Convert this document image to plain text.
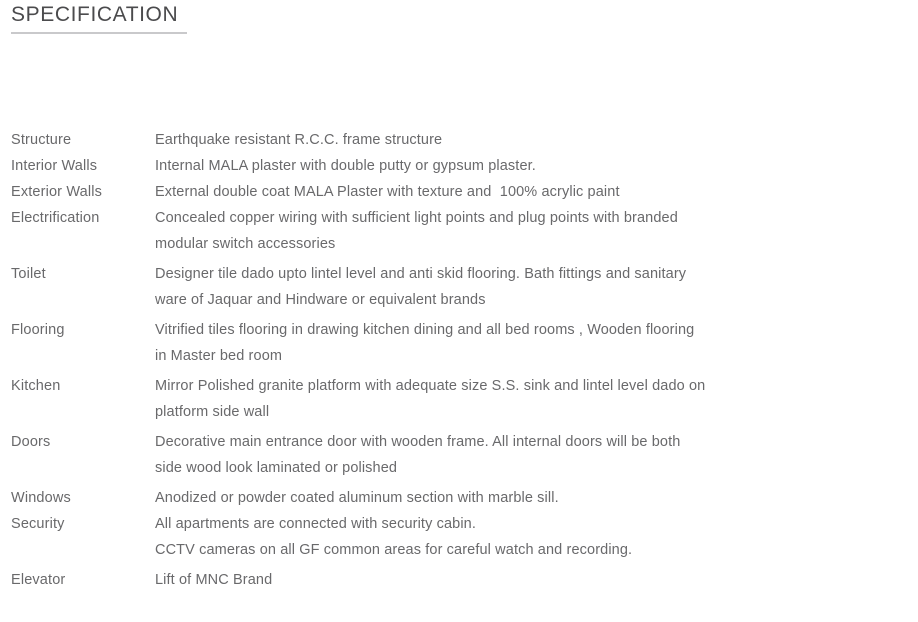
SPECIFICATION
Structure	Earthquake resistant R.C.C. frame structure
Interior Walls	Internal MALA plaster with double putty or gypsum plaster.
Exterior Walls	External double coat MALA Plaster with texture and  100% acrylic paint
Electrification	Concealed copper wiring with sufficient light points and plug points with branded
modular switch accessories
Toilet	Designer tile dado upto lintel level and anti skid flooring. Bath fittings and sanitary
ware of Jaquar and Hindware or equivalent brands
Flooring	Vitrified tiles flooring in drawing kitchen dining and all bed rooms , Wooden flooring
in Master bed room
Kitchen	Mirror Polished granite platform with adequate size S.S. sink and lintel level dado on
platform side wall
Doors	Decorative main entrance door with wooden frame. All internal doors will be both
side wood look laminated or polished
Windows	Anodized or powder coated aluminum section with marble sill.
Security	All apartments are connected with security cabin.
CCTV cameras on all GF common areas for careful watch and recording.
Elevator	Lift of MNC Brand
